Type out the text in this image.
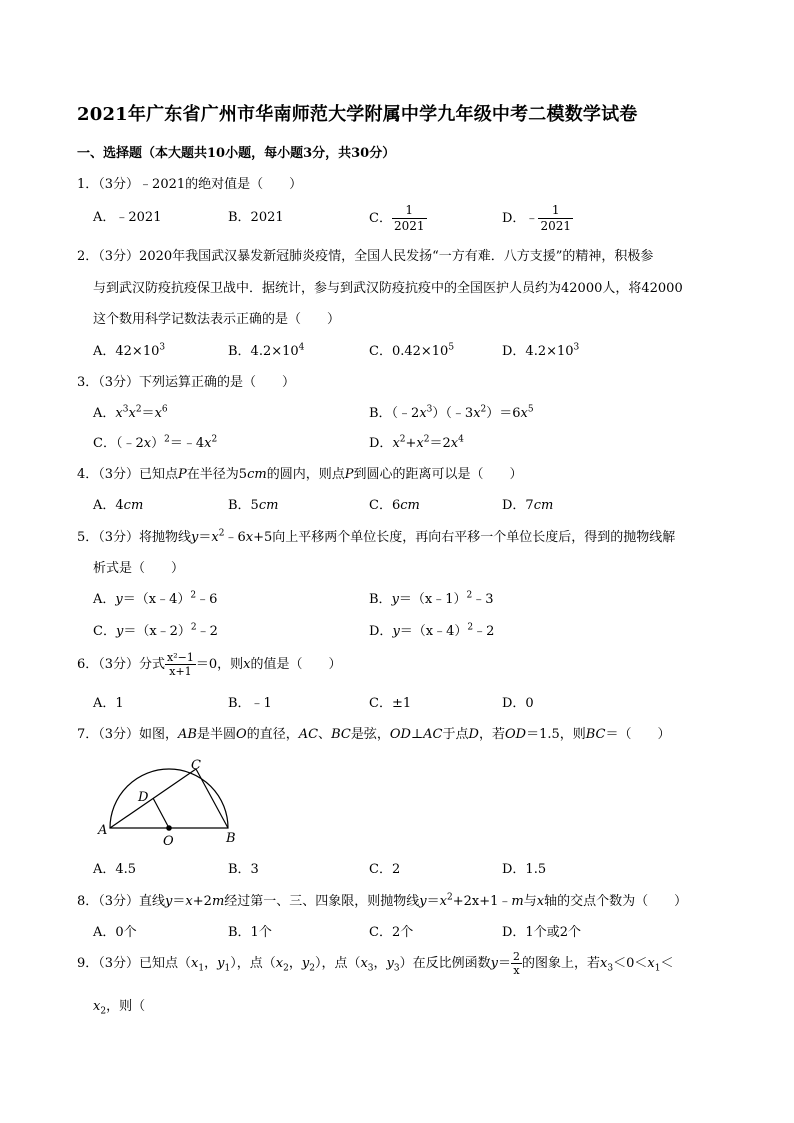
2021年广东省广州市华南师范大学附属中学九年级中考二模数学试卷
一、选择题（本大题共10小题，每小题3分，共30分）
1．（3分）﹣2021的绝对值是（　　）
A．﹣2021	B．2021	C． $\frac{1}{2021}$	D．﹣ $\frac{1}{2021}$
2．（3分）2020年我国武汉暴发新冠肺炎疫情，全国人民发扬“一方有难．八方支援”的精神，积极参
与到武汉防疫抗疫保卫战中．据统计，参与到武汉防疫抗疫中的全国医护人员约为42000人，将42000
这个数用科学记数法表示正确的是（　　）
A．$42\times 10^3$	B．$4.2\times 10^4$	C．$0.42\times 10^5$	D．$4.2\times 10^3$
3．（3分）下列运算正确的是（　　）
A．$x^3x^2=x^6$	B．$(﹣2x^3)(﹣3x^2)=6x^5$
C．$(﹣2x)^2=﹣4x^2$	D．$x^2+x^2=2x^4$
4．（3分）已知点P在半径为5cm的圆内，则点P到圆心的距离可以是（　　）
A．4cm	B．5cm	C．6cm	D．7cm
5．（3分）将抛物线$y=x^2﹣6x+5$向上平移两个单位长度，再向右平移一个单位长度后，得到的抛物线解
析式是（　　）
A．y＝（x﹣4）$^2$﹣6	B．y＝（x﹣1）$^2$﹣3
C．y＝（x﹣2）$^2$﹣2	D．y＝（x﹣4）$^2$﹣2
6．（3分）分式 $\frac{\text{x²−1}}{x+1} =0$，则x的值是（　　）
A．1	B．﹣1	C．±1	D．0
7．（3分）如图，AB是半圆O的直径，AC、BC是弦，OD⊥AC于点D，若OD＝1.5，则BC＝（　　）
A
B
C
D
O
A．4.5	B．3	C．2	D．1.5
8．（3分）直线y＝x+2m经过第一、三、四象限，则抛物线$y=x^2+2x+1﹣m$与x轴的交点个数为（　　）
A．0个	B．1个	C．2个	D．1个或2个
9．（3分）已知点（$x_1$，$y_1$），点（$x_2$，$y_2$），点（$x_3$，$y_3$）在反比例函数$y= \frac{2}{x}$ 的图象上，若$x_3<0<x_1<$
$x_2$，则（
